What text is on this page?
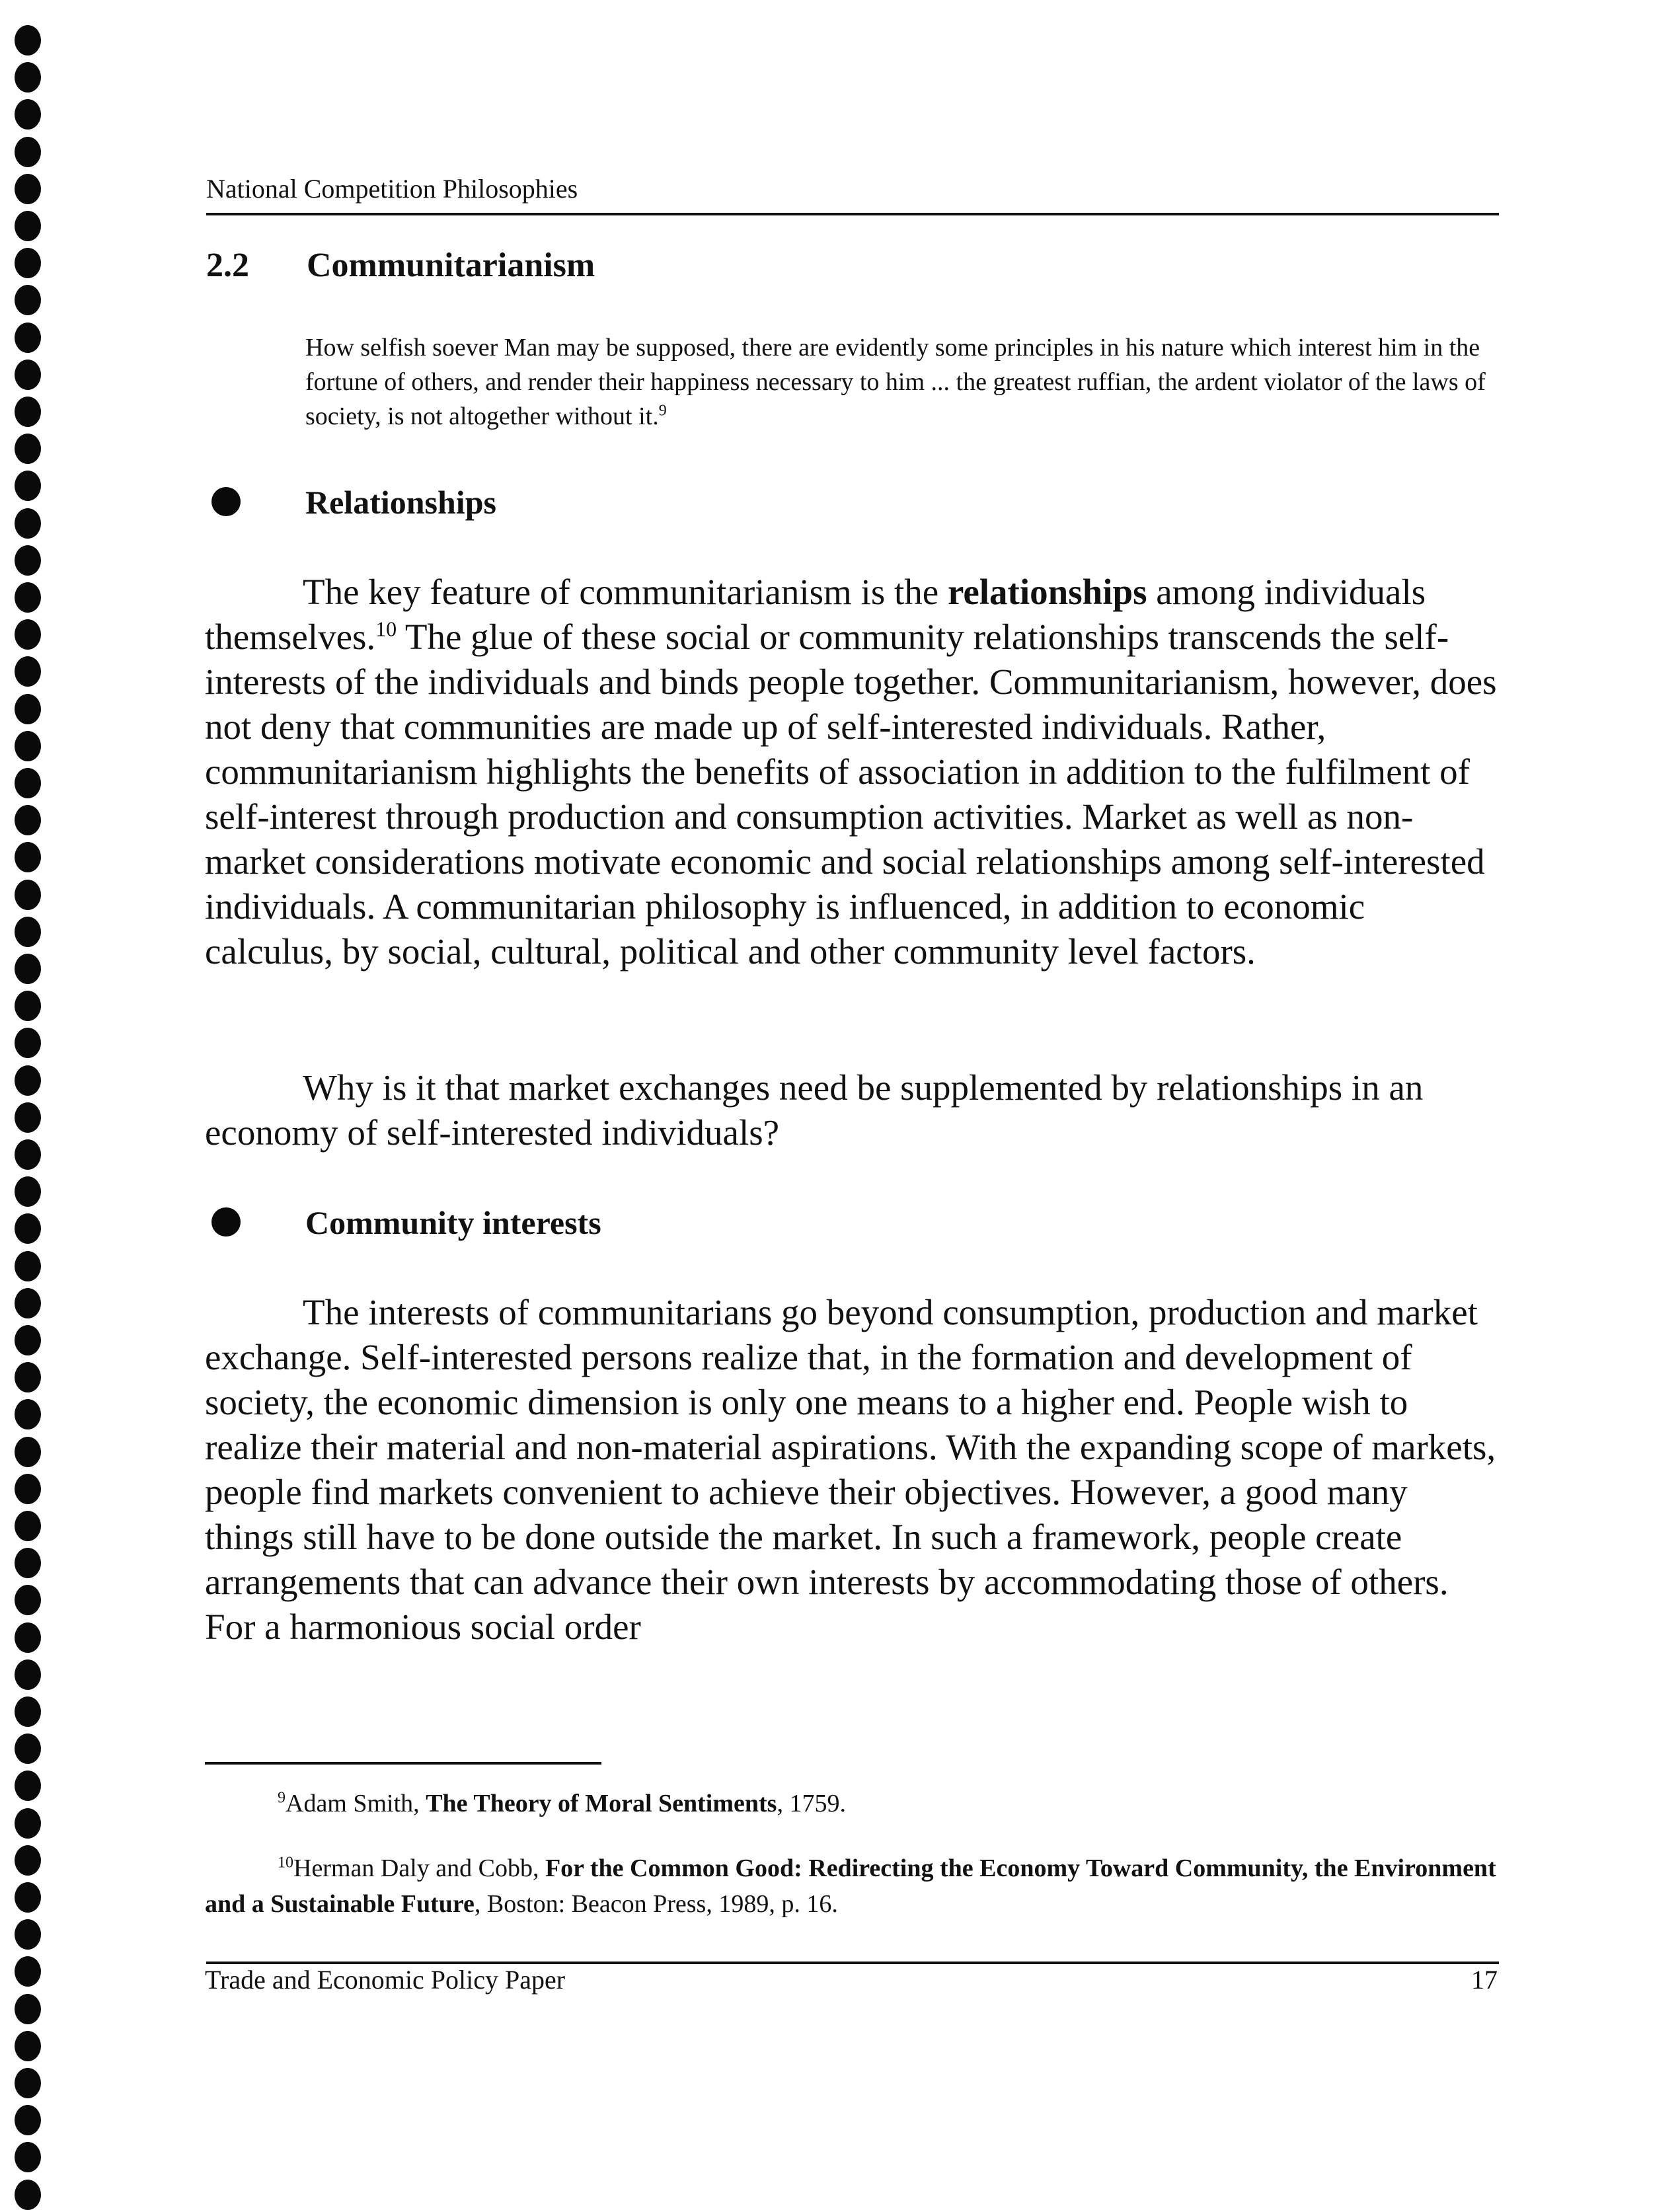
National Competition Philosophies
2.2 Communitarianism
How selfish soever Man may be supposed, there are evidently some principles in his nature which interest him in the fortune of others, and render their happiness necessary to him ... the greatest ruffian, the ardent violator of the laws of society, is not altogether without it.$^9$
Relationships
The key feature of communitarianism is the relationships among individuals themselves.$^{10}$ The glue of these social or community relationships transcends the self-interests of the individuals and binds people together. Communitarianism, however, does not deny that communities are made up of self-interested individuals. Rather, communitarianism highlights the benefits of association in addition to the fulfilment of self-interest through production and consumption activities. Market as well as non-market considerations motivate economic and social relationships among self-interested individuals. A communitarian philosophy is influenced, in addition to economic calculus, by social, cultural, political and other community level factors.
Why is it that market exchanges need be supplemented by relationships in an economy of self-interested individuals?
Community interests
The interests of communitarians go beyond consumption, production and market exchange. Self-interested persons realize that, in the formation and development of society, the economic dimension is only one means to a higher end. People wish to realize their material and non-material aspirations. With the expanding scope of markets, people find markets convenient to achieve their objectives. However, a good many things still have to be done outside the market. In such a framework, people create arrangements that can advance their own interests by accommodating those of others. For a harmonious social order
$^9$Adam Smith, The Theory of Moral Sentiments, 1759.
$^{10}$Herman Daly and Cobb, For the Common Good: Redirecting the Economy Toward Community, the Environment and a Sustainable Future, Boston: Beacon Press, 1989, p. 16.
Trade and Economic Policy Paper	17
